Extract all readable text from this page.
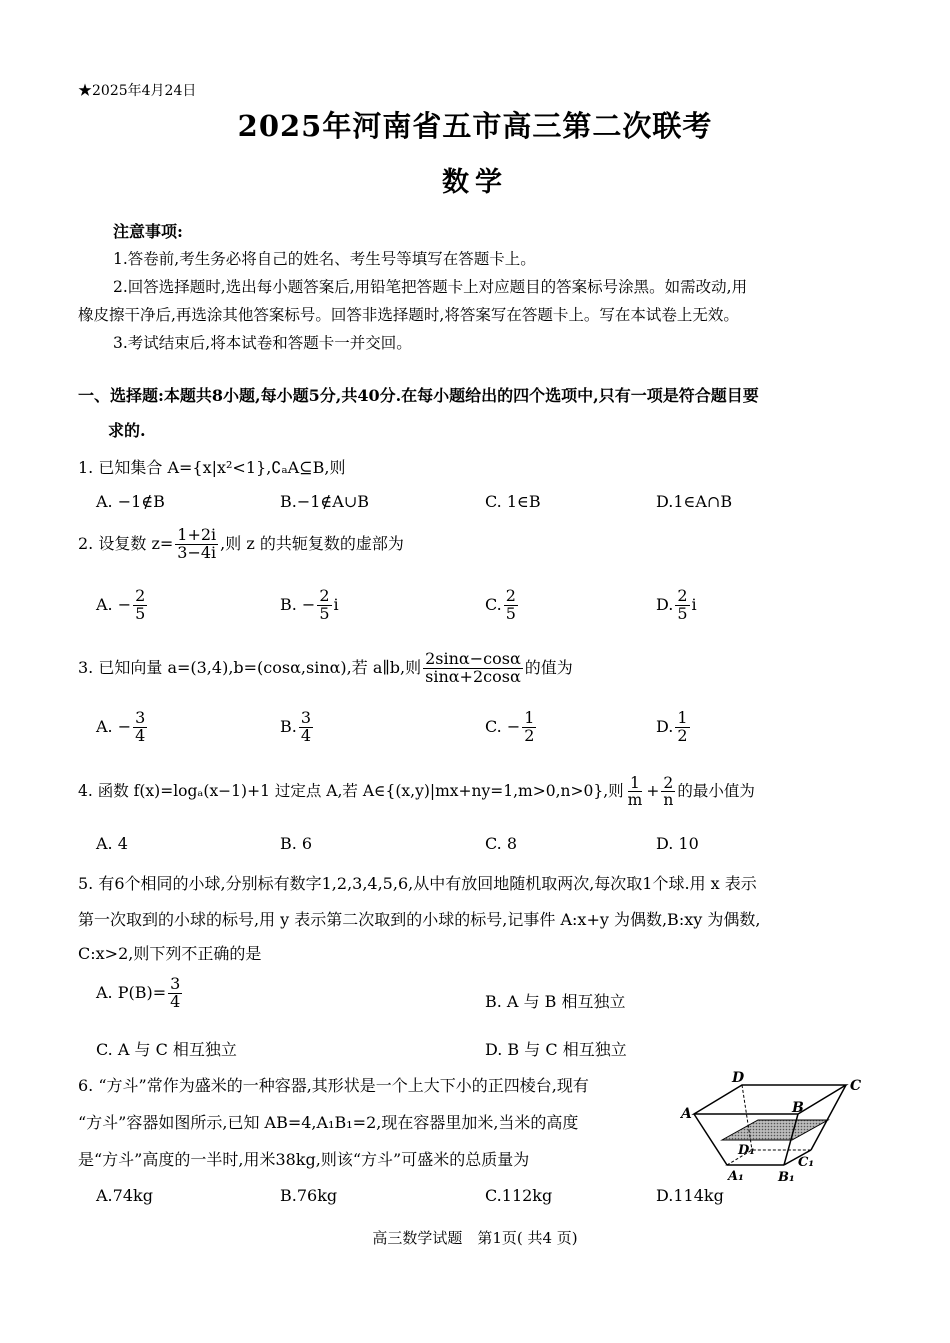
★2025年4月24日
2025年河南省五市高三第二次联考
数学
注意事项:
1.答卷前,考生务必将自己的姓名、考生号等填写在答题卡上。
2.回答选择题时,选出每小题答案后,用铅笔把答题卡上对应题目的答案标号涂黑。如需改动,用
橡皮擦干净后,再选涂其他答案标号。回答非选择题时,将答案写在答题卡上。写在本试卷上无效。
3.考试结束后,将本试卷和答题卡一并交回。
一、选择题:本题共8小题,每小题5分,共40分.在每小题给出的四个选项中,只有一项是符合题目要
求的.
1. 已知集合 A={x|x²<1},∁ₐA⊆B,则
A. −1∉B	B.−1∉A∪B	C. 1∈B	D.1∈A∩B
2. 设复数 $z= \frac{1+2i}{3-4i}$ ,则 z 的共轭复数的虚部为
A. − $\frac{2}{5}$	B. − $\frac{2}{5}$ i	C. $\frac{2}{5}$	D. $\frac{2}{5}$ i
3. 已知向量 a=(3,4),b=(cosα,sinα),若 a∥b,则 $\frac{2\sin\alpha-\cos\alpha}{\sin\alpha+2\cos\alpha}$ 的值为
A. − $\frac{3}{4}$	B. $\frac{3}{4}$	C. − $\frac{1}{2}$	D. $\frac{1}{2}$
4. 函数 f(x)=logₐ(x−1)+1 过定点 A,若 A∈{(x,y)|mx+ny=1,m>0,n>0},则 $\frac{1}{m} + \frac{2}{n}$ 的最小值为
A. 4	B. 6	C. 8	D. 10
5. 有6个相同的小球,分别标有数字1,2,3,4,5,6,从中有放回地随机取两次,每次取1个球.用 x 表示
第一次取到的小球的标号,用 y 表示第二次取到的小球的标号,记事件 A:x+y 为偶数,B:xy 为偶数,
C:x>2,则下列不正确的是
A. $P(B)= \frac{3}{4}$	B. A 与 B 相互独立
C. A 与 C 相互独立	D. B 与 C 相互独立
6. “方斗”常作为盛米的一种容器,其形状是一个上大下小的正四棱台,现有
“方斗”容器如图所示,已知 AB=4,A₁B₁=2,现在容器里加米,当米的高度
是“方斗”高度的一半时,用米38kg,则该“方斗”可盛米的总质量为
A.74kg	B.76kg	C.112kg	D.114kg
D	C
A	B
D₁
C₁
A₁	B₁
高三数学试题　第1页( 共4 页)
